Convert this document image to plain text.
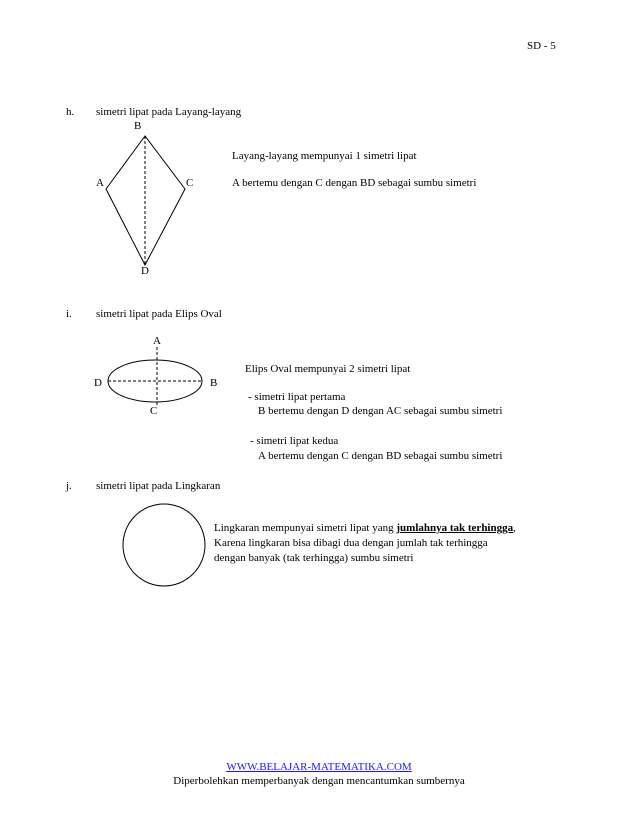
SD - 5
h. simetri lipat pada Layang-layang
B
A	C
D
Layang-layang mempunyai 1 simetri lipat
A bertemu dengan C dengan BD sebagai sumbu simetri
i. simetri lipat pada Elips Oval
A
D	B
C
Elips Oval mempunyai 2 simetri lipat
- simetri lipat pertama
B bertemu dengan D dengan AC sebagai sumbu simetri
- simetri lipat kedua
A bertemu dengan C dengan BD sebagai sumbu simetri
j. simetri lipat pada Lingkaran
Lingkaran mempunyai simetri lipat yang jumlahnya tak terhingga,
Karena lingkaran bisa dibagi dua dengan jumlah tak terhingga
dengan banyak (tak terhingga) sumbu simetri
WWW.BELAJAR-MATEMATIKA.COM
Diperbolehkan memperbanyak dengan mencantumkan sumbernya
